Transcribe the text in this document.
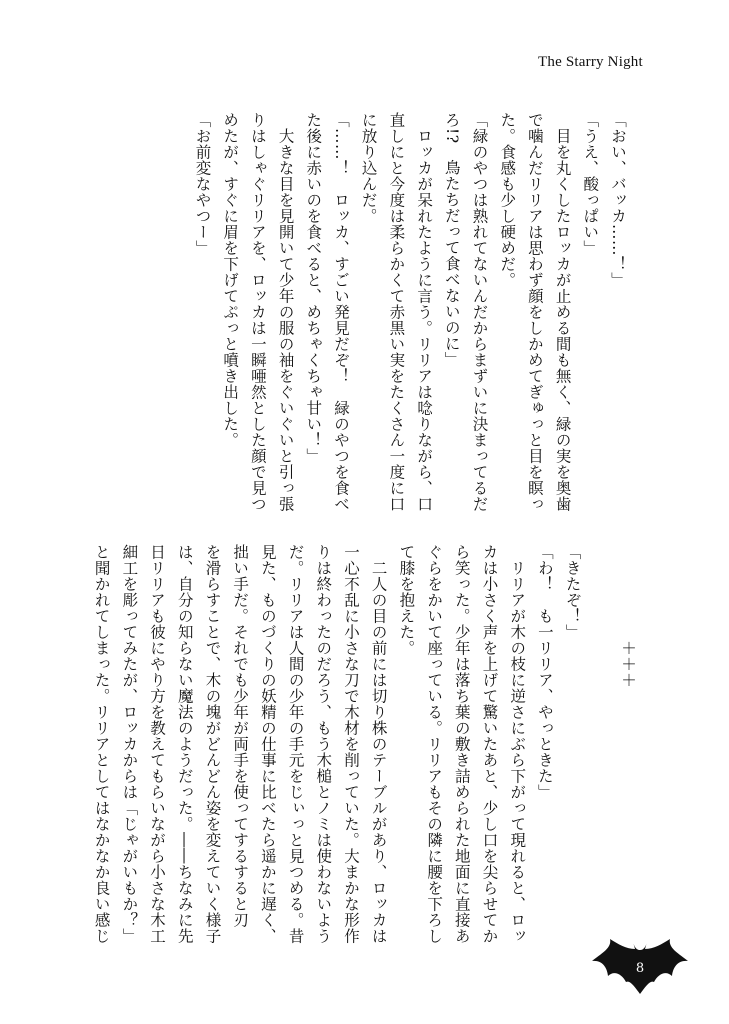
The Starry Night
「おい、バッカ……！」
「うえ、酸っぱい」
　目を丸くしたロッカが止める間も無く、緑の実を奥歯
で噛んだリリアは思わず顔をしかめてぎゅっと目を瞑っ
た。食感も少し硬めだ。
「緑のやつは熟れてないんだからまずいに決まってるだ
ろ!?　鳥たちだって食べないのに」
　ロッカが呆れたように言う。リリアは唸りながら、口
直しにと今度は柔らかくて赤黒い実をたくさん一度に口
に放り込んだ。
「……！　ロッカ、すごい発見だぞ！　緑のやつを食べ
た後に赤いのを食べると、めちゃくちゃ甘い！」
　大きな目を見開いて少年の服の袖をぐいぐいと引っ張
りはしゃぐリリアを、ロッカは一瞬唖然とした顔で見つ
めたが、すぐに眉を下げてぷっと噴き出した。
「お前変なやつー」
　　　　　　＋＋＋

「きたぞ！」
「わ！　も一リリア、やっときた」
　リリアが木の枝に逆さにぶら下がって現れると、ロッ
カは小さく声を上げて驚いたあと、少し口を尖らせてか
ら笑った。少年は落ち葉の敷き詰められた地面に直接あ
ぐらをかいて座っている。リリアもその隣に腰を下ろし
て膝を抱えた。
　二人の目の前には切り株のテーブルがあり、ロッカは
一心不乱に小さな刀で木材を削っていた。大まかな形作
りは終わったのだろう、もう木槌とノミは使わないよう
だ。リリアは人間の少年の手元をじぃっと見つめる。昔
見た、ものづくりの妖精の仕事に比べたら遥かに遅く、
拙い手だ。それでも少年が両手を使ってするすると刃
を滑らすことで、木の塊がどんどん姿を変えていく様子
は、自分の知らない魔法のようだった。――ちなみに先
日リリアも彼にやり方を教えてもらいながら小さな木工
細工を彫ってみたが、ロッカからは「じゃがいもか？」
と聞かれてしまった。リリアとしてはなかなか良い感じ
8
